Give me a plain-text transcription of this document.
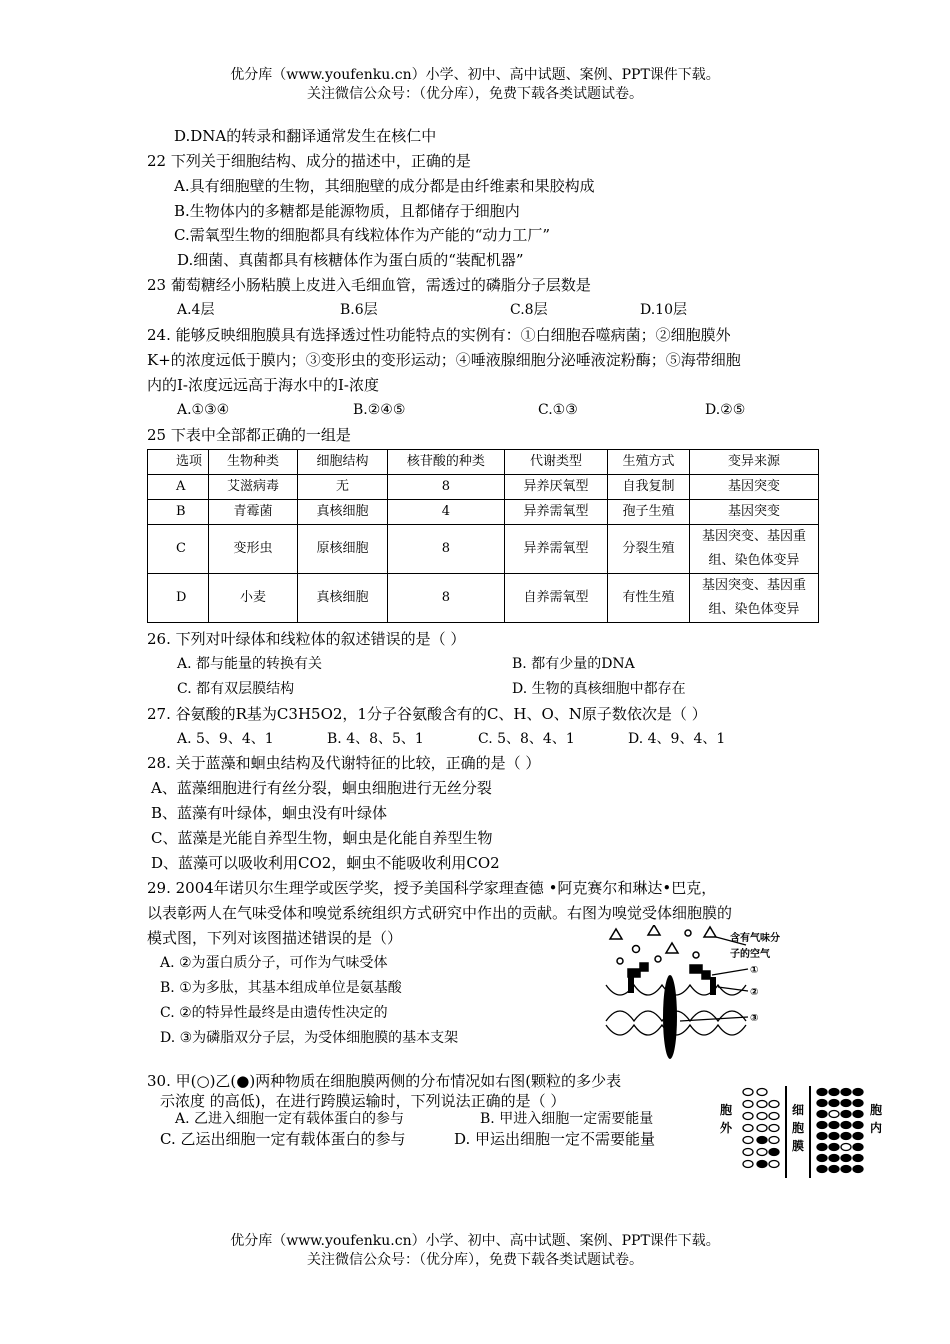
优分库（www.youfenku.cn）小学、初中、高中试题、案例、PPT课件下载。
关注微信公众号：（优分库），免费下载各类试题试卷。
D.DNA的转录和翻译通常发生在核仁中
22 下列关于细胞结构、成分的描述中，正确的是
A.具有细胞壁的生物，其细胞壁的成分都是由纤维素和果胶构成
B.生物体内的多糖都是能源物质，且都储存于细胞内
C.需氧型生物的细胞都具有线粒体作为产能的“动力工厂”
D.细菌、真菌都具有核糖体作为蛋白质的“装配机器”
23 葡萄糖经小肠粘膜上皮进入毛细血管，需透过的磷脂分子层数是
A.4层	B.6层	C.8层	D.10层
24. 能够反映细胞膜具有选择透过性功能特点的实例有：①白细胞吞噬病菌；②细胞膜外
K+的浓度远低于膜内；③变形虫的变形运动；④唾液腺细胞分泌唾液淀粉酶；⑤海带细胞
内的I-浓度远远高于海水中的I-浓度
A.①③④	B.②④⑤	C.①③	D.②⑤
25 下表中全部都正确的一组是
选项	生物种类	细胞结构	核苷酸的种类	代谢类型	生殖方式	变异来源
A	艾滋病毒	无	8	异养厌氧型	自我复制	基因突变
B	青霉菌	真核细胞	4	异养需氧型	孢子生殖	基因突变
C	变形虫	原核细胞	8	异养需氧型	分裂生殖	基因突变、基因重组、染色体变异
D	小麦	真核细胞	8	自养需氧型	有性生殖	基因突变、基因重组、染色体变异
26. 下列对叶绿体和线粒体的叙述错误的是（ ）
A. 都与能量的转换有关	B. 都有少量的DNA
C. 都有双层膜结构	D. 生物的真核细胞中都存在
27. 谷氨酸的R基为C3H5O2，1分子谷氨酸含有的C、H、O、N原子数依次是（ ）
A. 5、9、4、1	B. 4、8、5、1	C. 5、8、4、1	D. 4、9、4、1
28. 关于蓝藻和蛔虫结构及代谢特征的比较，正确的是（ ）
A、蓝藻细胞进行有丝分裂，蛔虫细胞进行无丝分裂
B、蓝藻有叶绿体，蛔虫没有叶绿体
C、蓝藻是光能自养型生物，蛔虫是化能自养型生物
D、蓝藻可以吸收利用CO2，蛔虫不能吸收利用CO2
29. 2004年诺贝尔生理学或医学奖，授予美国科学家理查德 •阿克赛尔和琳达•巴克，
以表彰两人在气味受体和嗅觉系统组织方式研究中作出的贡献。右图为嗅觉受体细胞膜的
模式图，下列对该图描述错误的是（）
A. ②为蛋白质分子，可作为气味受体
B. ①为多肽，其基本组成单位是氨基酸
C. ②的特异性最终是由遗传性决定的
D. ③为磷脂双分子层，为受体细胞膜的基本支架
含有气味分
子的空气
①
②
③
30. 甲(○)乙(●)两种物质在细胞膜两侧的分布情况如右图(颗粒的多少表
示浓度 的高低)，在进行跨膜运输时，下列说法正确的是（ ）
A. 乙进入细胞一定有载体蛋白的参与	B. 甲进入细胞一定需要能量
C. 乙运出细胞一定有载体蛋白的参与	D. 甲运出细胞一定不需要能量
胞
外
细
胞
膜
胞
内
优分库（www.youfenku.cn）小学、初中、高中试题、案例、PPT课件下载。
关注微信公众号：（优分库），免费下载各类试题试卷。
